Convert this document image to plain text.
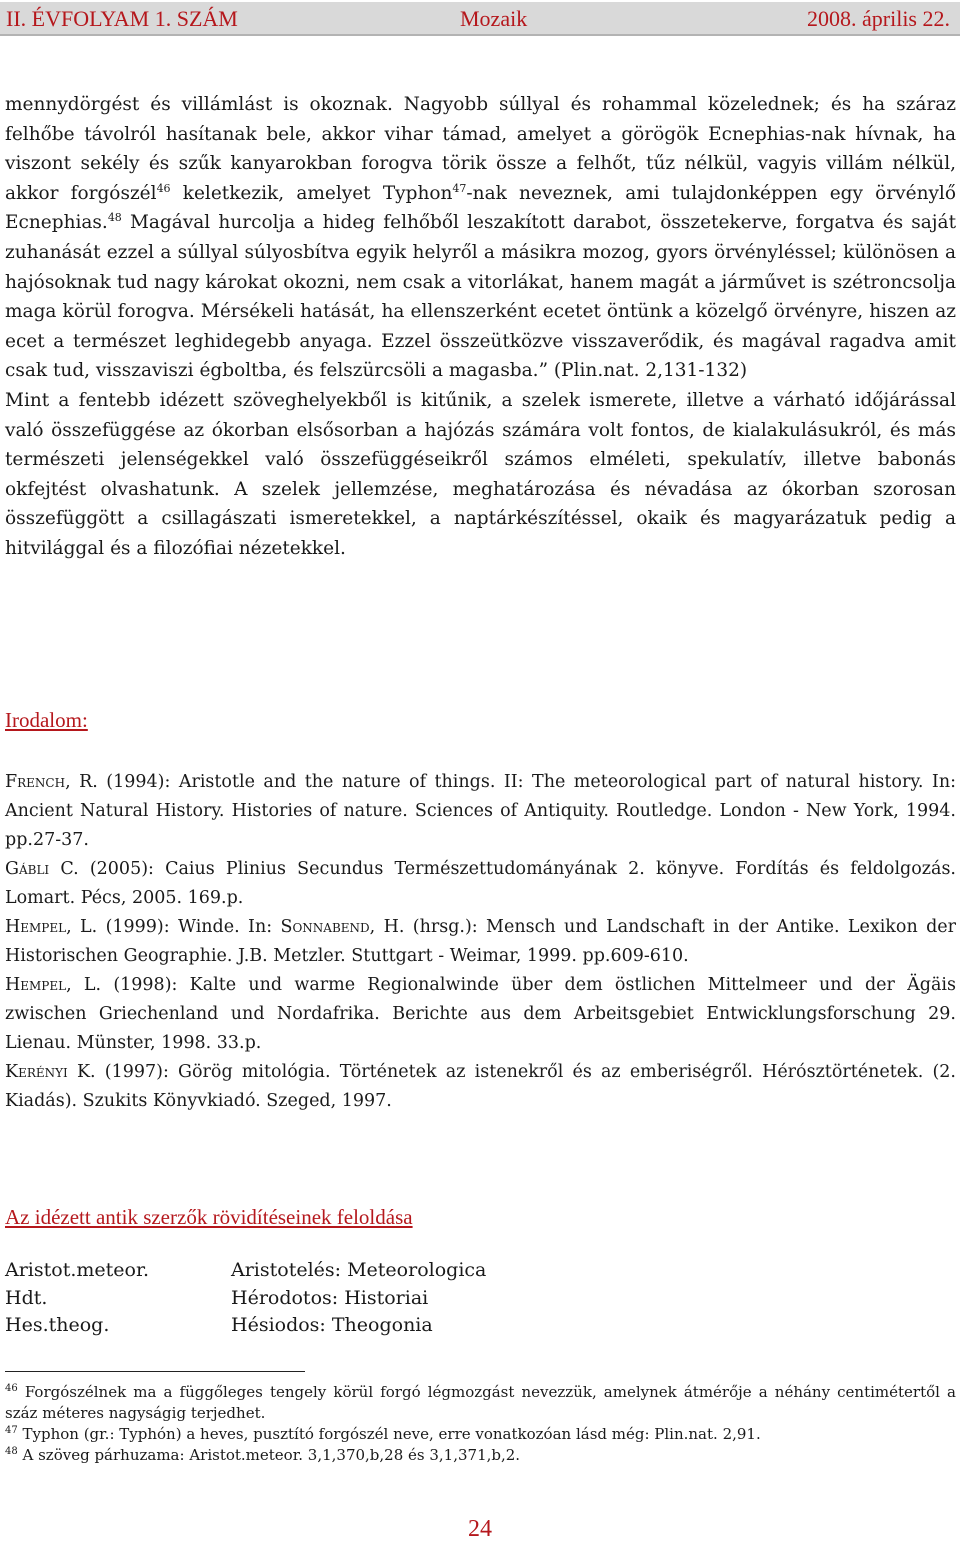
II. ÉVFOLYAM 1. SZÁM	Mozaik	2008. április 22.

mennydörgést és villámlást is okoznak. Nagyobb súllyal és rohammal közelednek; és ha száraz felhőbe távolról hasítanak bele, akkor vihar támad, amelyet a görögök Ecnephias-nak hívnak, ha viszont sekély és szűk kanyarokban forogva törik össze a felhőt, tűz nélkül, vagyis villám nélkül, akkor forgószél$^{46}$ keletkezik, amelyet Typhon$^{47}$-nak neveznek, ami tulajdonképpen egy örvénylő Ecnephias.$^{48}$ Magával hurcolja a hideg felhőből leszakított darabot, összetekerve, forgatva és saját zuhanását ezzel a súllyal súlyosbítva egyik helyről a másikra mozog, gyors örvényléssel; különösen a hajósoknak tud nagy károkat okozni, nem csak a vitorlákat, hanem magát a járművet is szétroncsolja maga körül forogva. Mérsékeli hatását, ha ellenszerként ecetet öntünk a közelgő örvényre, hiszen az ecet a természet leghidegebb anyaga. Ezzel összeütközve visszaverődik, és magával ragadva amit csak tud, visszaviszi égboltba, és felszürcsöli a magasba.” (Plin.nat. 2,131-132)

Mint a fentebb idézett szöveghelyekből is kitűnik, a szelek ismerete, illetve a várható időjárással való összefüggése az ókorban elsősorban a hajózás számára volt fontos, de kialakulásukról, és más természeti jelenségekkel való összefüggéseikről számos elméleti, spekulatív, illetve babonás okfejtést olvashatunk. A szelek jellemzése, meghatározása és névadása az ókorban szorosan összefüggött a csillagászati ismeretekkel, a naptárkészítéssel, okaik és magyarázatuk pedig a hitvilággal és a filozófiai nézetekkel.

Irodalom:

French, R. (1994): Aristotle and the nature of things. II: The meteorological part of natural history. In: Ancient Natural History. Histories of nature. Sciences of Antiquity. Routledge. London - New York, 1994. pp.27-37.

Gábli C. (2005): Caius Plinius Secundus Természettudományának 2. könyve. Fordítás és feldolgozás. Lomart. Pécs, 2005. 169.p.

Hempel, L. (1999): Winde. In: Sonnabend, H. (hrsg.): Mensch und Landschaft in der Antike. Lexikon der Historischen Geographie. J.B. Metzler. Stuttgart - Weimar, 1999. pp.609-610.

Hempel, L. (1998): Kalte und warme Regionalwinde über dem östlichen Mittelmeer und der Ägäis zwischen Griechenland und Nordafrika. Berichte aus dem Arbeitsgebiet Entwicklungsforschung 29. Lienau. Münster, 1998. 33.p.

Kerényi K. (1997): Görög mitológia. Történetek az istenekről és az emberiségről. Hérósztörténetek. (2. Kiadás). Szukits Könyvkiadó. Szeged, 1997.

Az idézett antik szerzők rövidítéseinek feloldása
Aristot.meteor.	Aristotelés: Meteorologica
Hdt.	Hérodotos: Historiai
Hes.theog.	Hésiodos: Theogonia

$^{46}$ Forgószélnek ma a függőleges tengely körül forgó légmozgást nevezzük, amelynek átmérője a néhány centimétertől a száz méteres nagyságig terjedhet.

$^{47}$ Typhon (gr.: Typhón) a heves, pusztító forgószél neve, erre vonatkozóan lásd még: Plin.nat. 2,91.

$^{48}$ A szöveg párhuzama: Aristot.meteor. 3,1,370,b,28 és 3,1,371,b,2.

24
